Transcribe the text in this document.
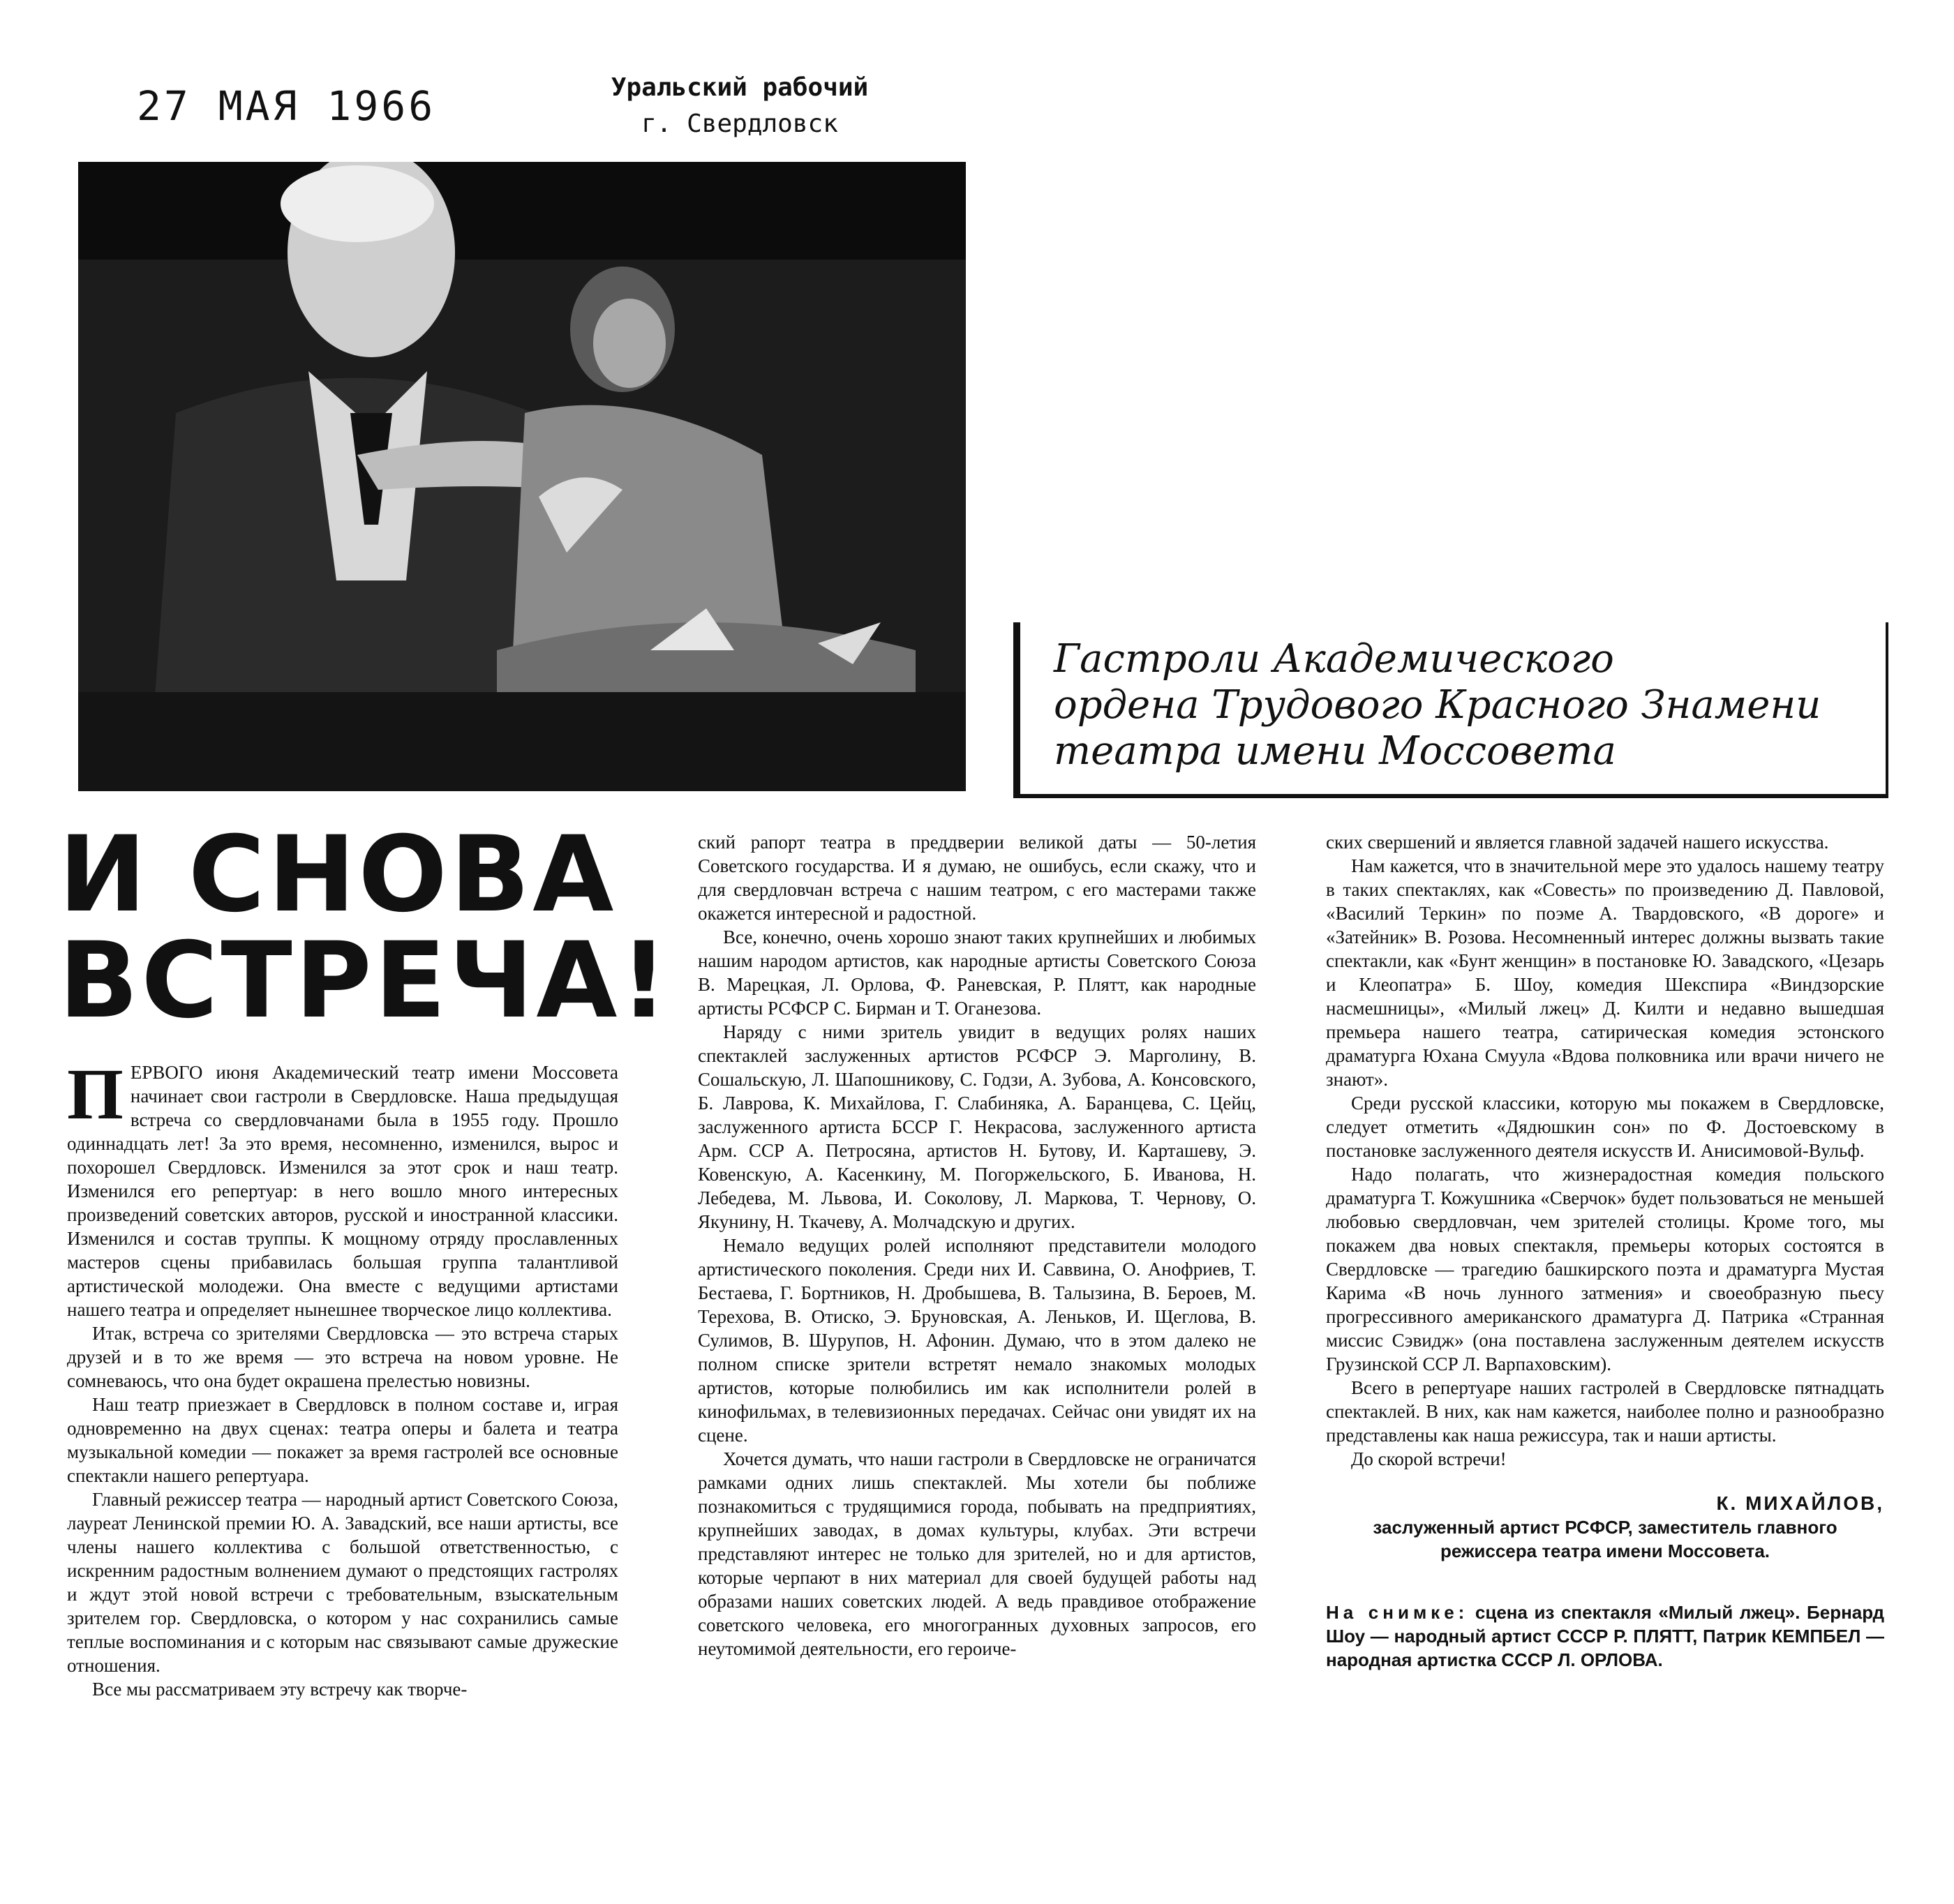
27 МАЯ 1966	Уральский рабочий
г. Свердловск
Гастроли Академического
ордена Трудового Красного Знамени
театра имени Моссовета
И СНОВА
ВСТРЕЧА!

ПЕРВОГО июня Академический театр имени Моссовета начинает свои гастроли в Свердловске. Наша предыдущая встреча со свердловчанами была в 1955 году. Прошло одиннадцать лет! За это время, несомненно, изменился, вырос и похорошел Свердловск. Изменился за этот срок и наш театр. Изменился его репертуар: в него вошло много интересных произведений советских авторов, русской и иностранной классики. Изменился и состав труппы. К мощному отряду прославленных мастеров сцены прибавилась большая группа талантливой артистической молодежи. Она вместе с ведущими артистами нашего театра и определяет нынешнее творческое лицо коллектива.

Итак, встреча со зрителями Свердловска — это встреча старых друзей и в то же время — это встреча на новом уровне. Не сомневаюсь, что она будет окрашена прелестью новизны.

Наш театр приезжает в Свердловск в полном составе и, играя одновременно на двух сценах: театра оперы и балета и театра музыкальной комедии — покажет за время гастролей все основные спектакли нашего репертуара.

Главный режиссер театра — народный артист Советского Союза, лауреат Ленинской премии Ю. А. Завадский, все наши артисты, все члены нашего коллектива с большой ответственностью, с искренним радостным волнением думают о предстоящих гастролях и ждут этой новой встречи с требовательным, взыскательным зрителем гор. Свердловска, о котором у нас сохранились самые теплые воспоминания и с которым нас связывают самые дружеские отношения.

Все мы рассматриваем эту встречу как творче-

ский рапорт театра в преддверии великой даты — 50-летия Советского государства. И я думаю, не ошибусь, если скажу, что и для свердловчан встреча с нашим театром, с его мастерами также окажется интересной и радостной.

Все, конечно, очень хорошо знают таких крупнейших и любимых нашим народом артистов, как народные артисты Советского Союза В. Марецкая, Л. Орлова, Ф. Раневская, Р. Плятт, как народные артисты РСФСР С. Бирман и Т. Оганезова.

Наряду с ними зритель увидит в ведущих ролях наших спектаклей заслуженных артистов РСФСР Э. Марголину, В. Сошальскую, Л. Шапошникову, С. Годзи, А. Зубова, А. Консовского, Б. Лаврова, К. Михайлова, Г. Слабиняка, А. Баранцева, С. Цейц, заслуженного артиста БССР Г. Некрасова, заслуженного артиста Арм. ССР А. Петросяна, артистов Н. Бутову, И. Карташеву, Э. Ковенскую, А. Касенкину, М. Погоржельского, Б. Иванова, Н. Лебедева, М. Львова, И. Соколову, Л. Маркова, Т. Чернову, О. Якунину, Н. Ткачеву, А. Молчадскую и других.

Немало ведущих ролей исполняют представители молодого артистического поколения. Среди них И. Саввина, О. Анофриев, Т. Бестаева, Г. Бортников, Н. Дробышева, В. Талызина, В. Бероев, М. Терехова, В. Отиско, Э. Бруновская, А. Леньков, И. Щеглова, В. Сулимов, В. Шурупов, Н. Афонин. Думаю, что в этом далеко не полном списке зрители встретят немало знакомых молодых артистов, которые полюбились им как исполнители ролей в кинофильмах, в телевизионных передачах. Сейчас они увидят их на сцене.

Хочется думать, что наши гастроли в Свердловске не ограничатся рамками одних лишь спектаклей. Мы хотели бы поближе познакомиться с трудящимися города, побывать на предприятиях, крупнейших заводах, в домах культуры, клубах. Эти встречи представляют интерес не только для зрителей, но и для артистов, которые черпают в них материал для своей будущей работы над образами наших советских людей. А ведь правдивое отображение советского человека, его многогранных духовных запросов, его неутомимой деятельности, его героиче-

ских свершений и является главной задачей нашего искусства.

Нам кажется, что в значительной мере это удалось нашему театру в таких спектаклях, как «Совесть» по произведению Д. Павловой, «Василий Теркин» по поэме А. Твардовского, «В дороге» и «Затейник» В. Розова. Несомненный интерес должны вызвать такие спектакли, как «Бунт женщин» в постановке Ю. Завадского, «Цезарь и Клеопатра» Б. Шоу, комедия Шекспира «Виндзорские насмешницы», «Милый лжец» Д. Килти и недавно вышедшая премьера нашего театра, сатирическая комедия эстонского драматурга Юхана Смуула «Вдова полковника или врачи ничего не знают».

Среди русской классики, которую мы покажем в Свердловске, следует отметить «Дядюшкин сон» по Ф. Достоевскому в постановке заслуженного деятеля искусств И. Анисимовой-Вульф.

Надо полагать, что жизнерадостная комедия польского драматурга Т. Кожушника «Сверчок» будет пользоваться не меньшей любовью свердловчан, чем зрителей столицы. Кроме того, мы покажем два новых спектакля, премьеры которых состоятся в Свердловске — трагедию башкирского поэта и драматурга Мустая Карима «В ночь лунного затмения» и своеобразную пьесу прогрессивного американского драматурга Д. Патрика «Странная миссис Сэвидж» (она поставлена заслуженным деятелем искусств Грузинской ССР Л. Варпаховским).

Всего в репертуаре наших гастролей в Свердловске пятнадцать спектаклей. В них, как нам кажется, наиболее полно и разнообразно представлены как наша режиссура, так и наши артисты.

До скорой встречи!

К. МИХАЙЛОВ,

заслуженный артист РСФСР, заместитель главного режиссера театра имени Моссовета.

На снимке: сцена из спектакля «Милый лжец». Бернард Шоу — народный артист СССР Р. ПЛЯТТ, Патрик КЕМПБЕЛ — народная артистка СССР Л. ОРЛОВА.
